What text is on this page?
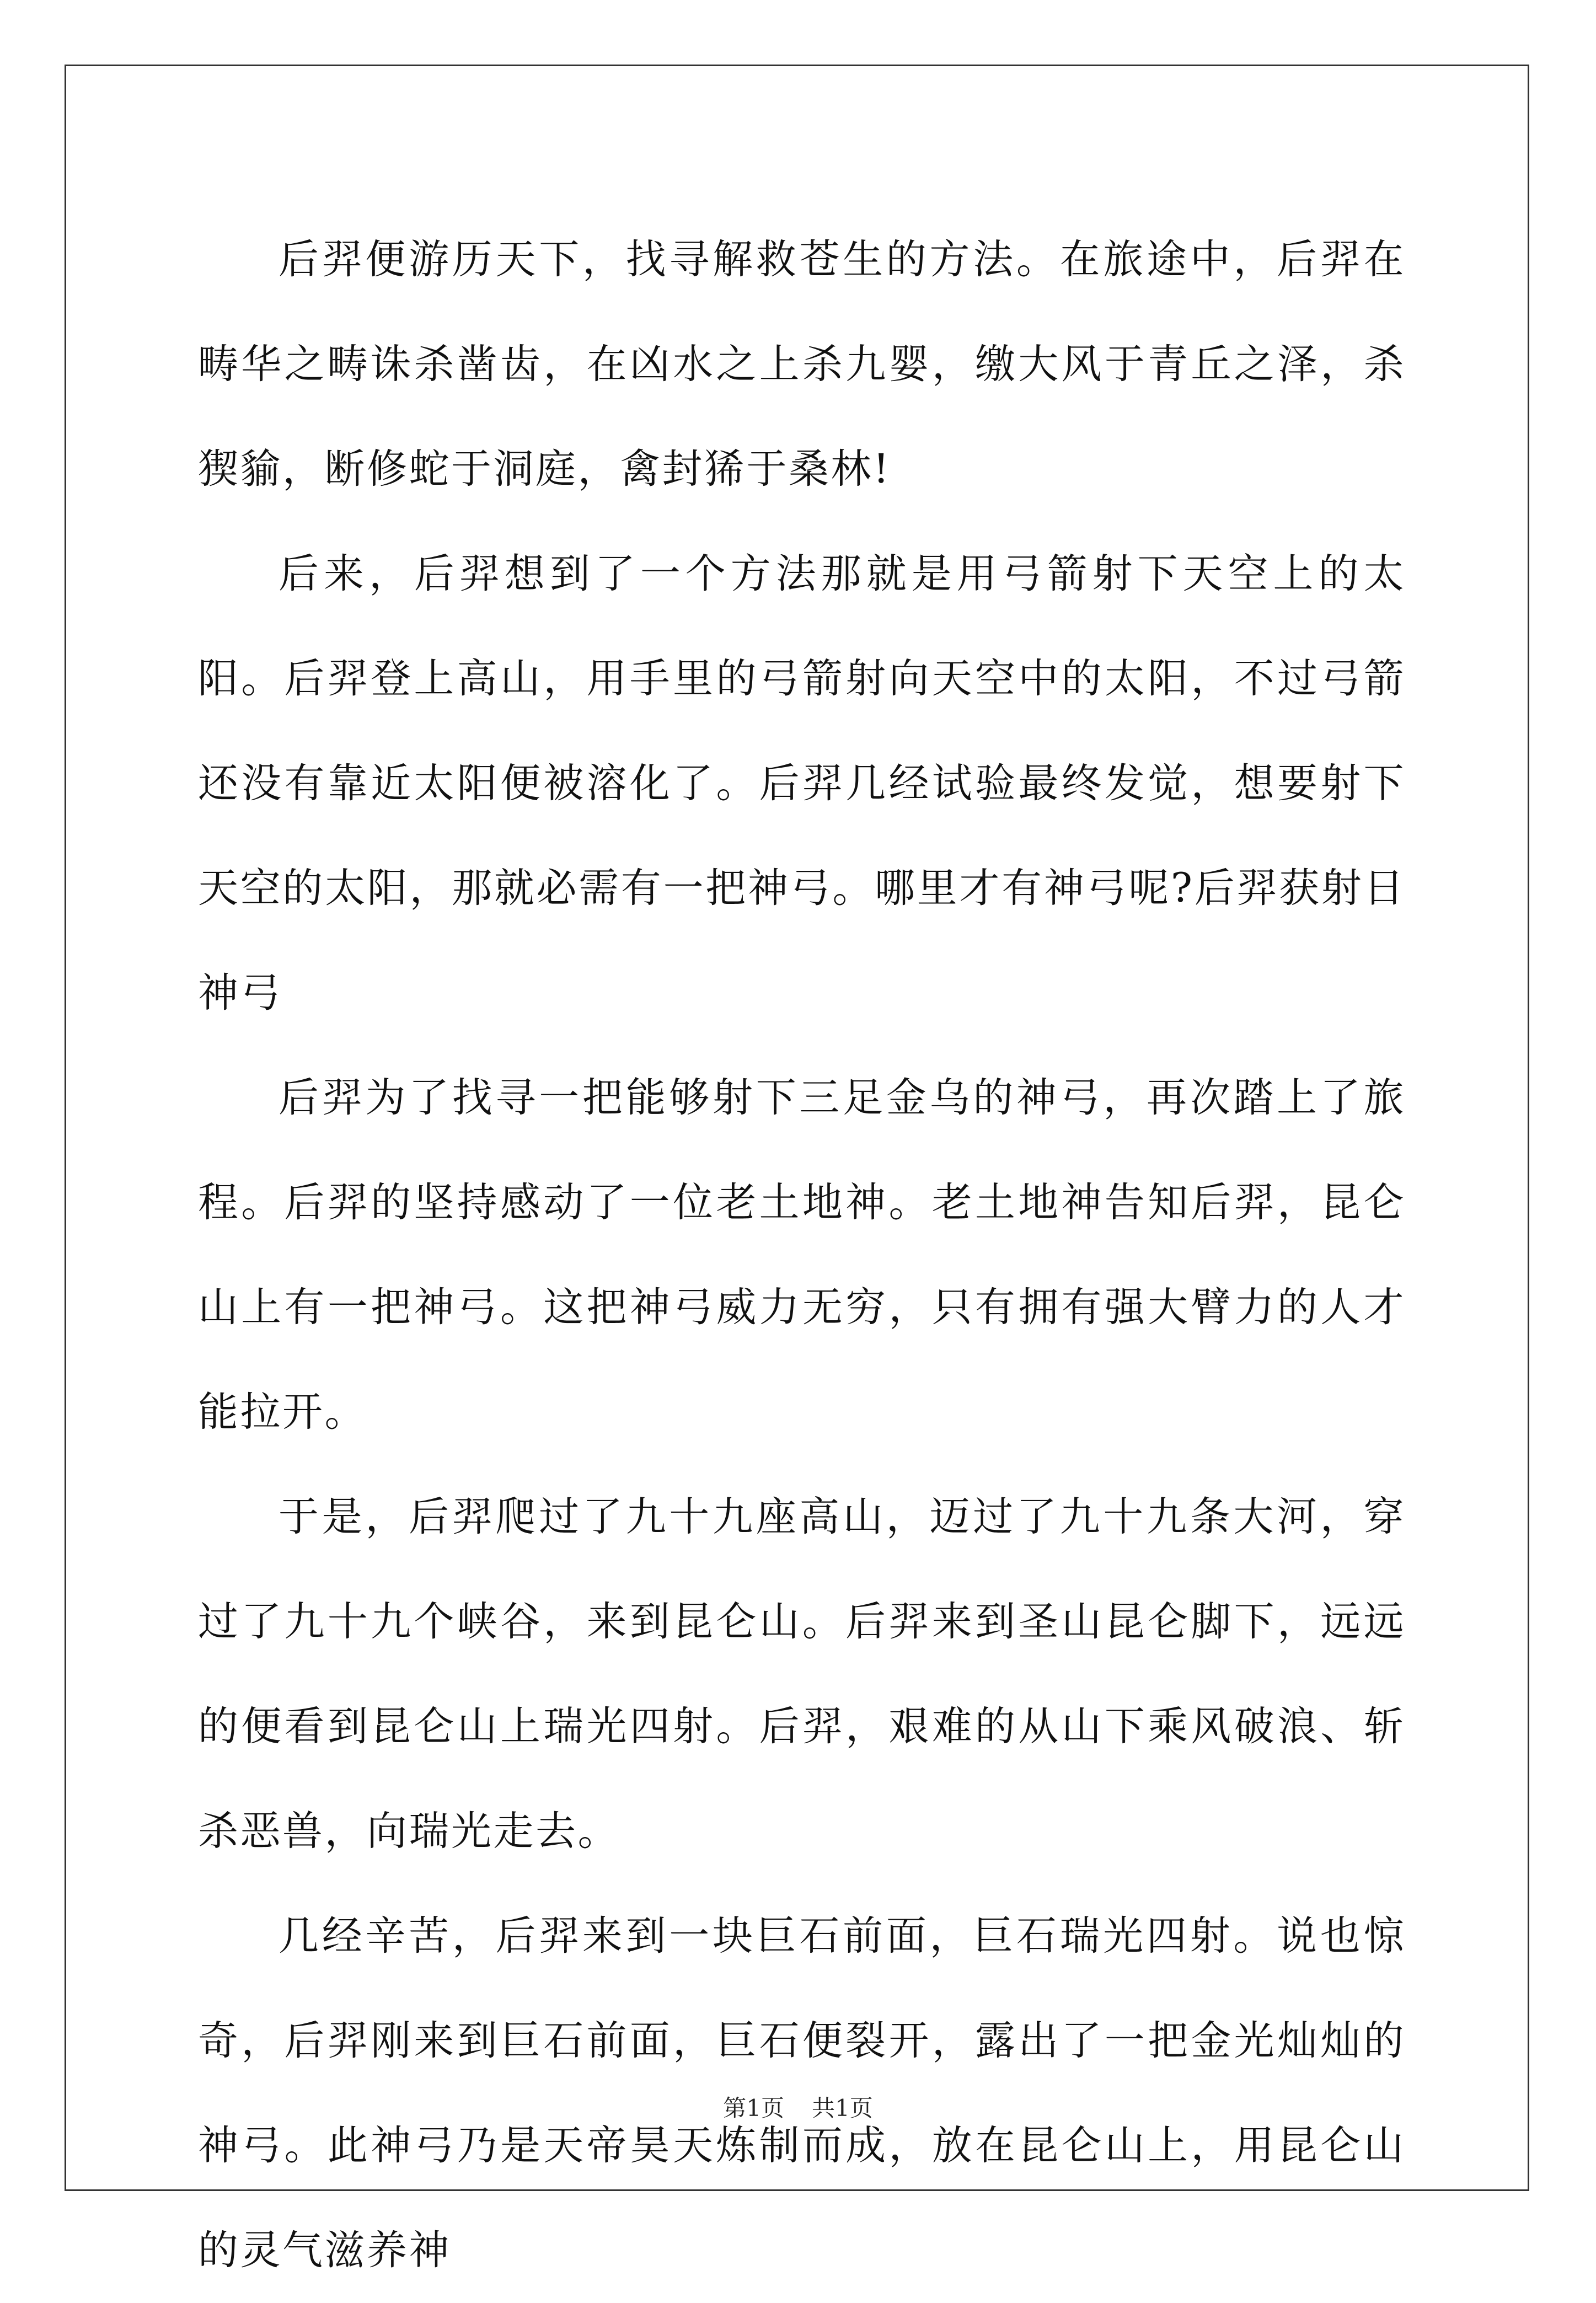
后羿便游历天下，找寻解救苍生的方法。在旅途中，后羿在畴华之畴诛杀凿齿，在凶水之上杀九婴，缴大风于青丘之泽，杀猰貐，断修蛇于洞庭，禽封狶于桑林!

后来，后羿想到了一个方法那就是用弓箭射下天空上的太阳。后羿登上高山，用手里的弓箭射向天空中的太阳，不过弓箭还没有靠近太阳便被溶化了。后羿几经试验最终发觉，想要射下天空的太阳，那就必需有一把神弓。哪里才有神弓呢?后羿获射日神弓

后羿为了找寻一把能够射下三足金乌的神弓，再次踏上了旅程。后羿的坚持感动了一位老土地神。老土地神告知后羿，昆仑山上有一把神弓。这把神弓威力无穷，只有拥有强大臂力的人才能拉开。

于是，后羿爬过了九十九座高山，迈过了九十九条大河，穿过了九十九个峡谷，来到昆仑山。后羿来到圣山昆仑脚下，远远的便看到昆仑山上瑞光四射。后羿，艰难的从山下乘风破浪、斩杀恶兽，向瑞光走去。

几经辛苦，后羿来到一块巨石前面，巨石瑞光四射。说也惊奇，后羿刚来到巨石前面，巨石便裂开，露出了一把金光灿灿的神弓。此神弓乃是天帝昊天炼制而成，放在昆仑山上，用昆仑山的灵气滋养神

第1页 共1页
